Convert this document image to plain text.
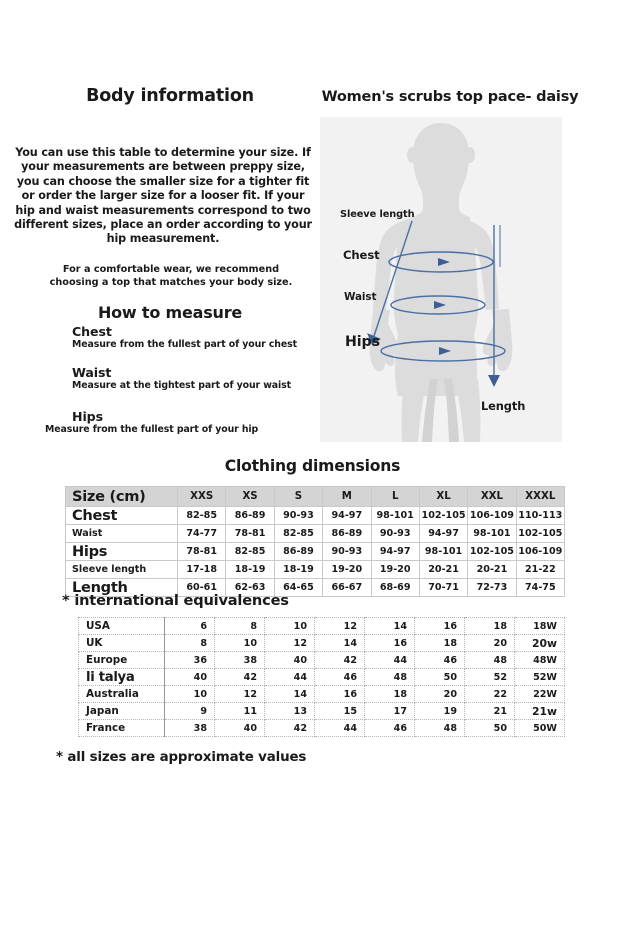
Body information	Women's scrubs top pace- daisy
You can use this table to determine your size. If your measurements are between preppy size, you can choose the smaller size for a tighter fit or order the larger size for a looser fit. If your hip and waist measurements correspond to two different sizes, place an order according to your hip measurement.
For a comfortable wear, we recommend choosing a top that matches your body size.
How to measure
Chest
Measure from the fullest part of your chest
Waist
Measure at the tightest part of your waist
Hips
Measure from the fullest part of your hip
Sleeve length
Chest
Waist
Hips
Length
Clothing dimensions
Size (cm)	XXS	XS	S	M	L	XL	XXL	XXXL
Chest	82-85	86-89	90-93	94-97	98-101	102-105	106-109	110-113
Waist	74-77	78-81	82-85	86-89	90-93	94-97	98-101	102-105
Hips	78-81	82-85	86-89	90-93	94-97	98-101	102-105	106-109
Sleeve length	17-18	18-19	18-19	19-20	19-20	20-21	20-21	21-22
Length	60-61	62-63	64-65	66-67	68-69	70-71	72-73	74-75
* international equivalences
USA	6	8	10	12	14	16	18	18W
UK	8	10	12	14	16	18	20	20w
Europe	36	38	40	42	44	46	48	48W
li talya	40	42	44	46	48	50	52	52W
Australia	10	12	14	16	18	20	22	22W
Japan	9	11	13	15	17	19	21	21w
France	38	40	42	44	46	48	50	50W
* all sizes are approximate values
